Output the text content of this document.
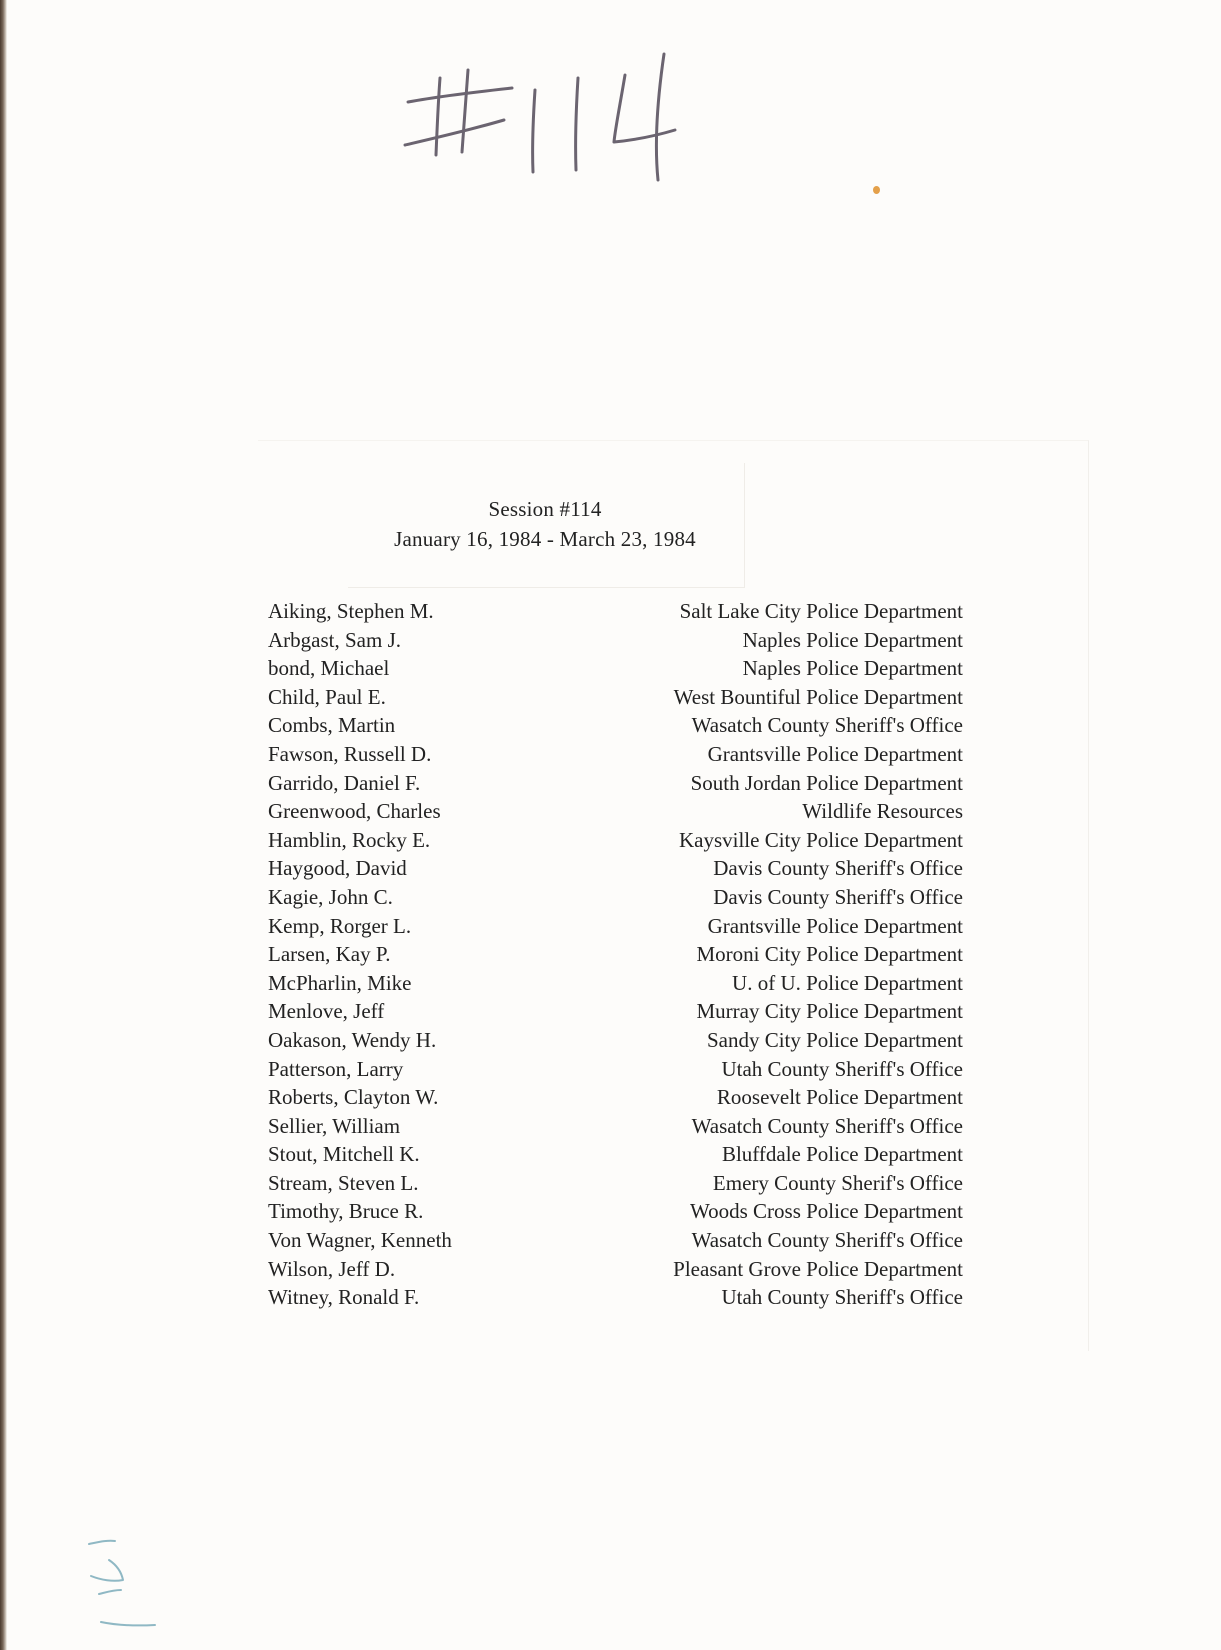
Session #114
January 16, 1984 - March 23, 1984
Aiking, Stephen M.	Salt Lake City Police Department
Arbgast, Sam J.	Naples Police Department
bond, Michael	Naples Police Department
Child, Paul E.	West Bountiful Police Department
Combs, Martin	Wasatch County Sheriff's Office
Fawson, Russell D.	Grantsville Police Department
Garrido, Daniel F.	South Jordan Police Department
Greenwood, Charles	Wildlife Resources
Hamblin, Rocky E.	Kaysville City Police Department
Haygood, David	Davis County Sheriff's Office
Kagie, John C.	Davis County Sheriff's Office
Kemp, Rorger L.	Grantsville Police Department
Larsen, Kay P.	Moroni City Police Department
McPharlin, Mike	U. of U. Police Department
Menlove, Jeff	Murray City Police Department
Oakason, Wendy H.	Sandy City Police Department
Patterson, Larry	Utah County Sheriff's Office
Roberts, Clayton W.	Roosevelt Police Department
Sellier, William	Wasatch County Sheriff's Office
Stout, Mitchell K.	Bluffdale Police Department
Stream, Steven L.	Emery County Sherif's Office
Timothy, Bruce R.	Woods Cross Police Department
Von Wagner, Kenneth	Wasatch County Sheriff's Office
Wilson, Jeff D.	Pleasant Grove Police Department
Witney, Ronald F.	Utah County Sheriff's Office
